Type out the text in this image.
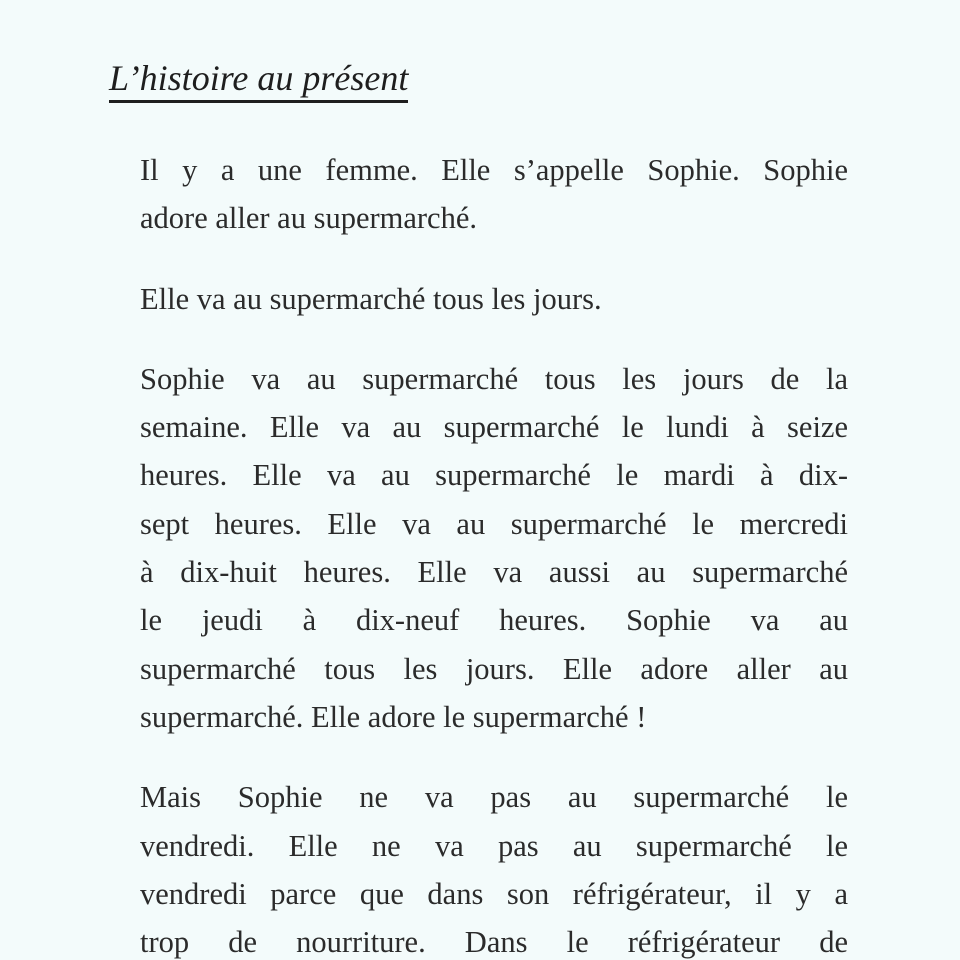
L’histoire au présent
Il y a une femme. Elle s’appelle Sophie. Sophie
adore aller au supermarché.
Elle va au supermarché tous les jours.
Sophie va au supermarché tous les jours de la
semaine. Elle va au supermarché le lundi à seize
heures. Elle va au supermarché le mardi à dix-
sept heures. Elle va au supermarché le mercredi
à dix-huit heures. Elle va aussi au supermarché
le jeudi à dix-neuf heures. Sophie va au
supermarché tous les jours. Elle adore aller au
supermarché. Elle adore le supermarché !
Mais Sophie ne va pas au supermarché le
vendredi. Elle ne va pas au supermarché le
vendredi parce que dans son réfrigérateur, il y a
trop de nourriture. Dans le réfrigérateur de
